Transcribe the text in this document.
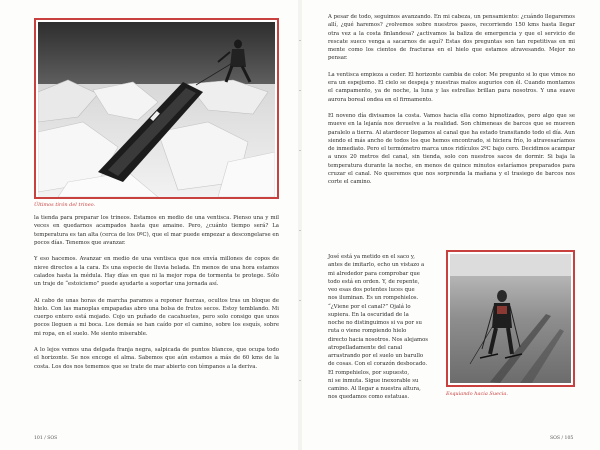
Últimos tirón del trineo.

la tienda para preparar los trineos. Estamos en medio de una ventisca. Pienso una y mil veces en quedarnos acampados hasta que amaine. Pero, ¿cuánto tiempo será? La temperatura es tan alta (cerca de los 0ºC), que el mar puede empezar a descongelarse en pocos días. Tenemos que avanzar.

Y eso hacemos. Avanzar en medio de una ventisca que nos envía millones de copos de nieve directos a la cara. Es una especie de lluvia helada. En menos de una hora estamos calados hasta la médula. Hay días en que ni la mejor ropa de tormenta te protege. Sólo un traje de “estoicismo” puede ayudarte a soportar una jornada así.

Al cabo de unas horas de marcha paramos a reponer fuerzas, ocultos tras un bloque de hielo. Con las manoplas empapadas abro una bolsa de frutos secos. Estoy temblando. Mi cuerpo entero está mojado. Cojo un puñado de cacahuetes, pero solo consigo que unos pocos lleguen a mi boca. Los demás se han caído por el camino, sobre los esquís, sobre mi ropa, en el suelo. Me siento miserable.

A lo lejos vemos una delgada franja negra, salpicada de puntos blancos, que ocupa todo el horizonte. Se nos encoge el alma. Sabemos que aún estamos a más de 60 kms de la costa. Los dos nos tememos que se trate de mar abierto con témpanos a la deriva.

101 / SOS

A pesar de todo, seguimos avanzando. En mi cabeza, un pensamiento: ¿cuándo llegaremos allí, ¿qué haremos? ¿volvemos sobre nuestros pasos, recorriendo 150 kms hasta llegar otra vez a la costa finlandesa? ¿activamos la baliza de emergencia y que el servicio de rescate sueco venga a sacarnos de aquí? Estas dos preguntas son tan repetitivas en mi mente como los cientos de fracturas en el hielo que estamos atravesando. Mejor no pensar.

La ventisca empieza a ceder. El horizonte cambia de color. Me pregunto si lo que vimos no era un espejismo. El cielo se despeja y nuestras malos augurios con él. Cuando montamos el campamento, ya de noche, la luna y las estrellas brillan para nosotros. Y una suave aurora boreal ondea en el firmamento.

El noveno día divisamos la costa. Vamos hacia ella como hipnotizados, pero algo que se mueve en la lejanía nos devuelve a la realidad. Son chimeneas de barcos que se mueven paralelo a tierra. Al atardecer llegamos al canal que ha estado transitando todo el día. Aun siendo el más ancho de todos los que hemos encontrado, si hiciera frío, lo atravesaríamos de inmediato. Pero el termómetro marca unos ridículos 2ºC bajo cero. Decidimos acampar a unos 20 metros del canal, sin tienda, solo con nuestros sacos de dormir. Si baja la temperatura durante la noche, en menos de quince minutos estaríamos preparados para cruzar el canal. No queremos que nos sorprenda la mañana y el trasiego de barcos nos corte el camino.

José está ya metido en el saco y,
antes de imitarlo, echo un vistazo a
mi alrededor para comprobar que
todo está en orden. Y, de repente,
veo esas dos potentes luces que
nos iluminan. Es un rompehielos.
“¿Viene por el canal?” Ojalá lo
supiera. En la oscuridad de la
noche no distinguimos si va por su
ruta o viene rompiendo hielo
directo hacia nosotros. Nos alejamos
atropelladamente del canal
arrastrando por el suelo un barullo
de cosas. Con el corazón desbocado.
El rompehielos, por supuesto,
ni se inmuta. Sigue inexorable su
camino. Al llegar a nuestra altura,
nos quedamos como estatuas.
Esquiando hacia Suecia.
SOS / 105
